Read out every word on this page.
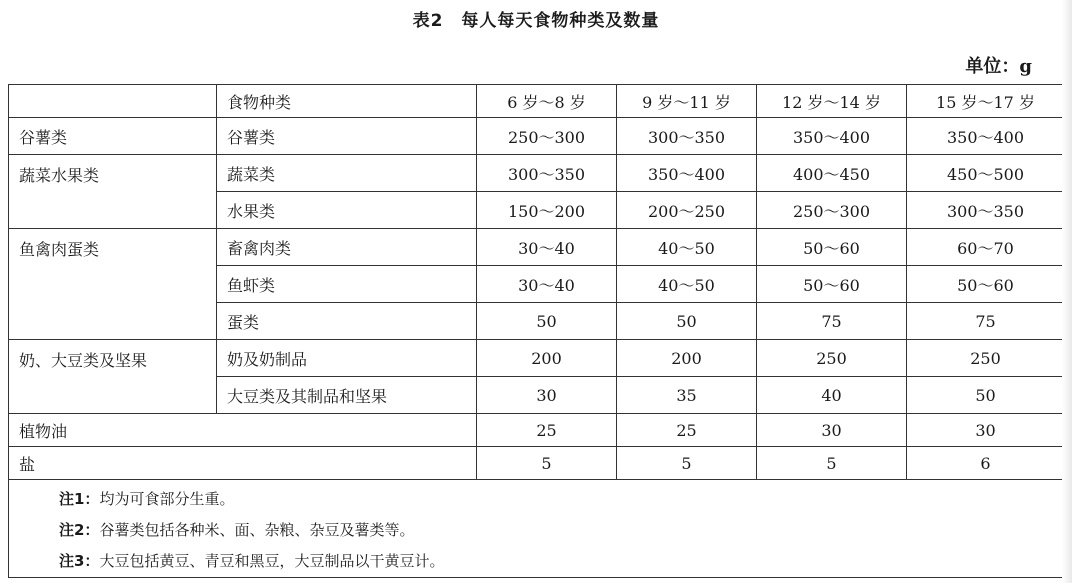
表2　每人每天食物种类及数量
单位：g
	食物种类	6 岁～8 岁	9 岁～11 岁	12 岁～14 岁	15 岁～17 岁
谷薯类	谷薯类	250～300	300～350	350～400	350～400
蔬菜水果类	蔬菜类	300～350	350～400	400～450	450～500
	水果类	150～200	200～250	250～300	300～350
鱼禽肉蛋类	畜禽肉类	30～40	40～50	50～60	60～70
	鱼虾类	30～40	40～50	50～60	50～60
	蛋类	50	50	75	75
奶、大豆类及坚果	奶及奶制品	200	200	250	250
	大豆类及其制品和坚果	30	35	40	50
植物油		25	25	30	30
盐		5	5	5	6
注1：均为可食部分生重。
注2：谷薯类包括各种米、面、杂粮、杂豆及薯类等。
注3：大豆包括黄豆、青豆和黑豆，大豆制品以干黄豆计。
